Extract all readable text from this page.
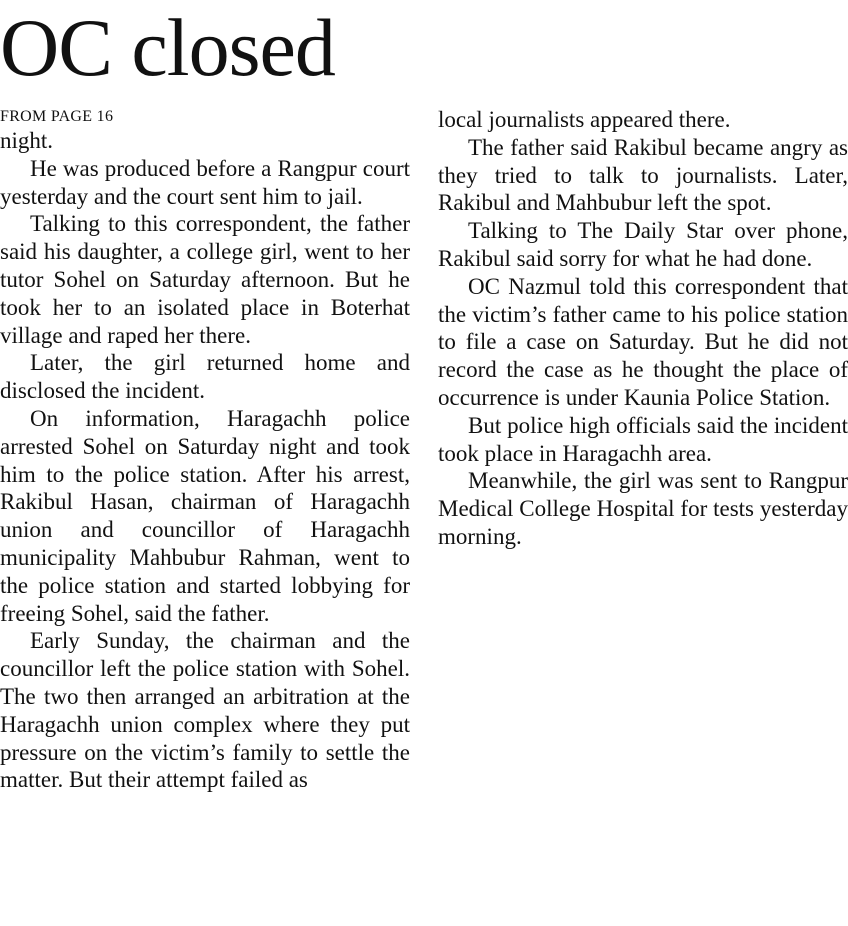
OC closed
FROM PAGE 16

night.

He was produced before a Rangpur court yesterday and the court sent him to jail.

Talking to this correspondent, the father said his daughter, a college girl, went to her tutor Sohel on Saturday afternoon. But he took her to an isolated place in Boterhat village and raped her there.

Later, the girl returned home and disclosed the incident.

On information, Haragachh police arrested Sohel on Saturday night and took him to the police station. After his arrest, Rakibul Hasan, chairman of Haragachh union and councillor of Haragachh municipality Mahbubur Rahman, went to the police station and started lobbying for freeing Sohel, said the father.

Early Sunday, the chairman and the councillor left the police station with Sohel. The two then arranged an arbitration at the Haragachh union complex where they put pressure on the victim’s family to settle the matter. But their attempt failed as

local journalists appeared there.

The father said Rakibul became angry as they tried to talk to journalists. Later, Rakibul and Mahbubur left the spot.

Talking to The Daily Star over phone, Rakibul said sorry for what he had done.

OC Nazmul told this correspondent that the victim’s father came to his police station to file a case on Saturday. But he did not record the case as he thought the place of occurrence is under Kaunia Police Station.

But police high officials said the incident took place in Haragachh area.

Meanwhile, the girl was sent to Rangpur Medical College Hospital for tests yesterday morning.
